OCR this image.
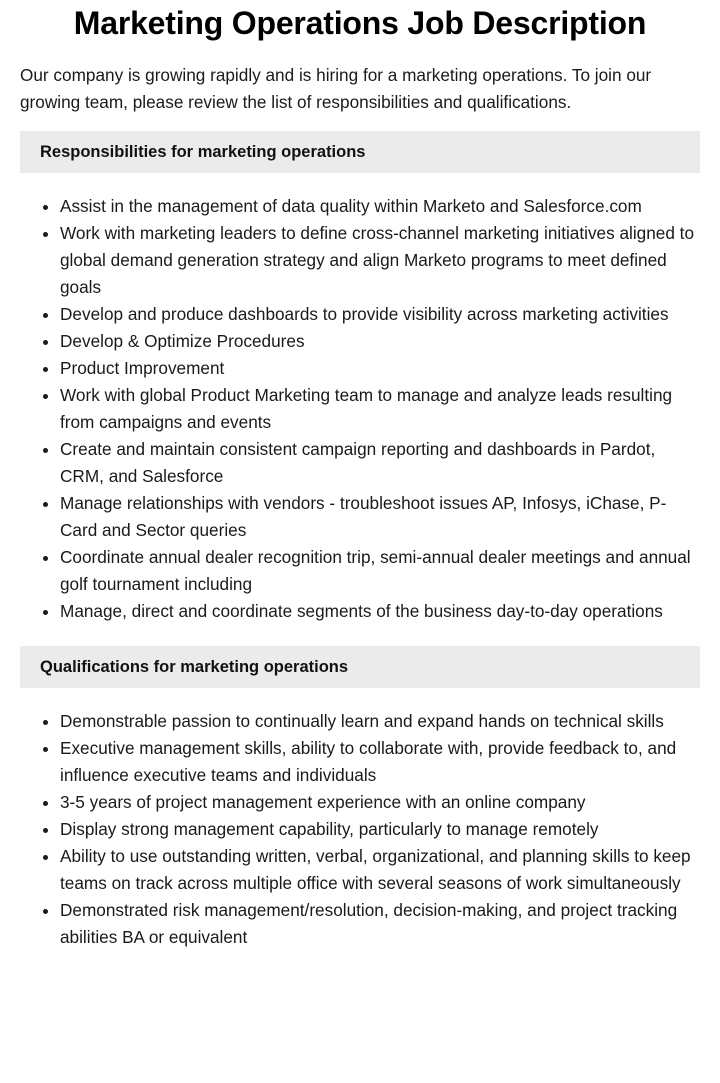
Marketing Operations Job Description

Our company is growing rapidly and is hiring for a marketing operations. To join our growing team, please review the list of responsibilities and qualifications.

Responsibilities for marketing operations
Assist in the management of data quality within Marketo and Salesforce.com
Work with marketing leaders to define cross-channel marketing initiatives aligned to global demand generation strategy and align Marketo programs to meet defined goals
Develop and produce dashboards to provide visibility across marketing activities
Develop & Optimize Procedures
Product Improvement
Work with global Product Marketing team to manage and analyze leads resulting from campaigns and events
Create and maintain consistent campaign reporting and dashboards in Pardot, CRM, and Salesforce
Manage relationships with vendors - troubleshoot issues AP, Infosys, iChase, P-Card and Sector queries
Coordinate annual dealer recognition trip, semi-annual dealer meetings and annual golf tournament including
Manage, direct and coordinate segments of the business day-to-day operations
Qualifications for marketing operations
Demonstrable passion to continually learn and expand hands on technical skills
Executive management skills, ability to collaborate with, provide feedback to, and influence executive teams and individuals
3-5 years of project management experience with an online company
Display strong management capability, particularly to manage remotely
Ability to use outstanding written, verbal, organizational, and planning skills to keep teams on track across multiple office with several seasons of work simultaneously
Demonstrated risk management/resolution, decision-making, and project tracking abilities BA or equivalent
